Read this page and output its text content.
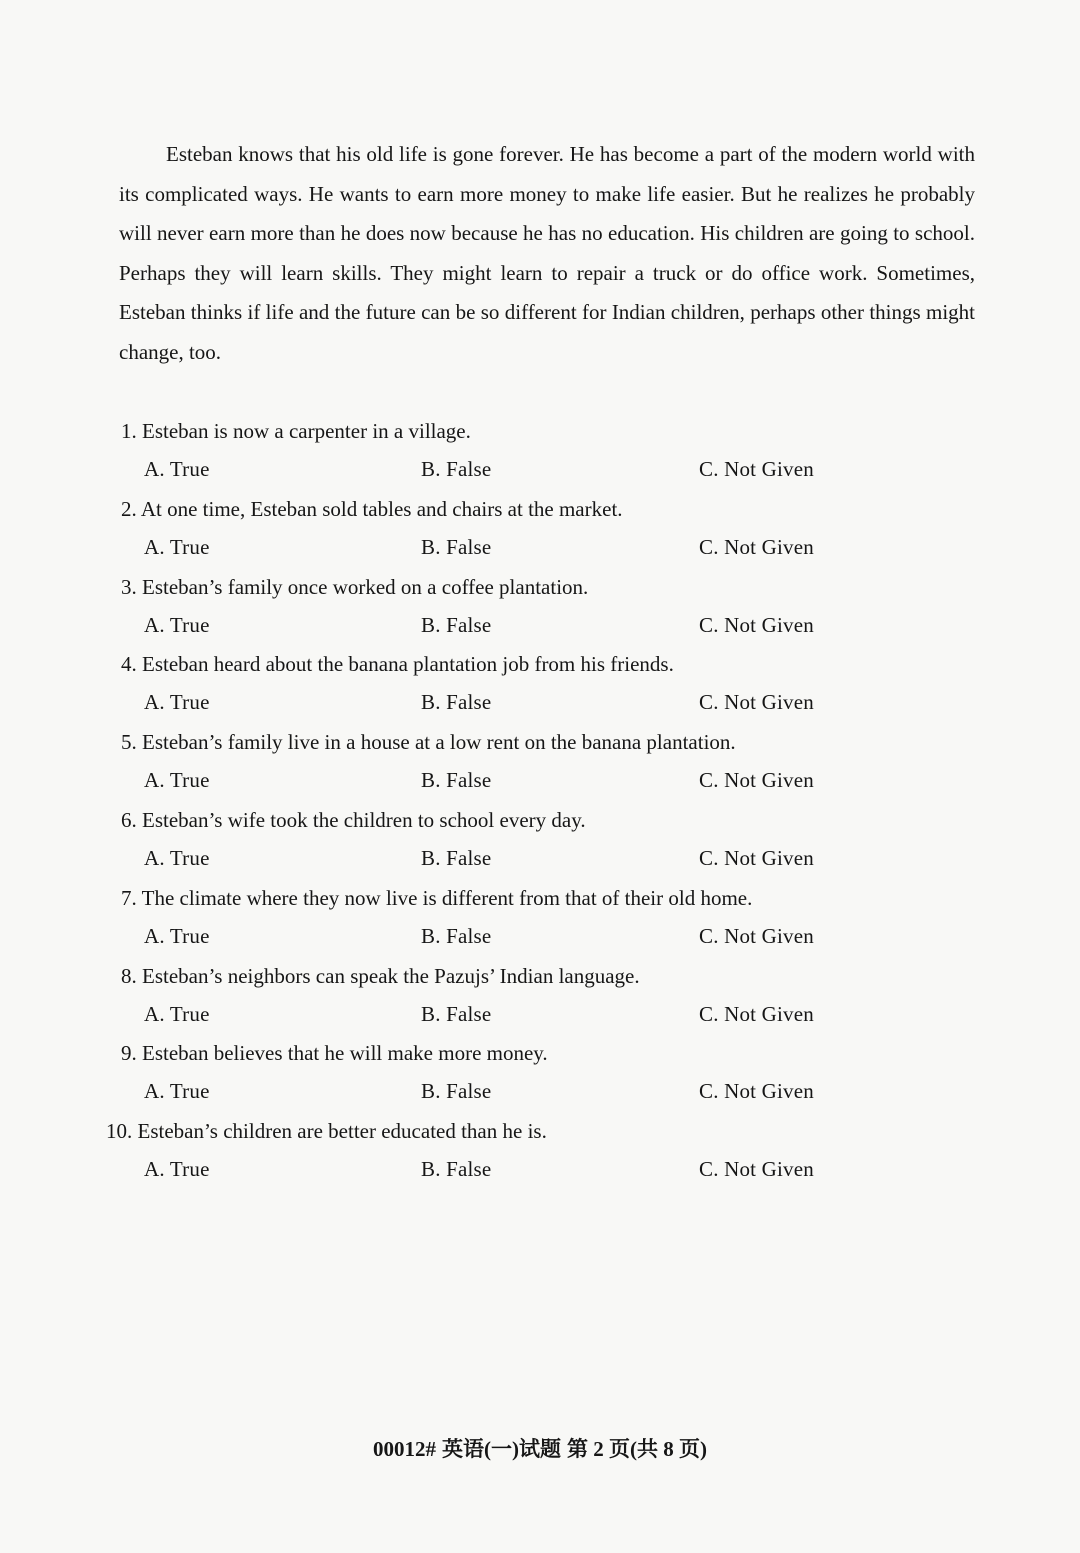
Esteban knows that his old life is gone forever. He has become a part of the modern world with its complicated ways. He wants to earn more money to make life easier. But he realizes he probably will never earn more than he does now because he has no education. His children are going to school. Perhaps they will learn skills. They might learn to repair a truck or do office work. Sometimes, Esteban thinks if life and the future can be so different for Indian children, perhaps other things might change, too.

1. Esteban is now a carpenter in a village.
A. True	B. False	C. Not Given
2. At one time, Esteban sold tables and chairs at the market.
A. True	B. False	C. Not Given
3. Esteban’s family once worked on a coffee plantation.
A. True	B. False	C. Not Given
4. Esteban heard about the banana plantation job from his friends.
A. True	B. False	C. Not Given
5. Esteban’s family live in a house at a low rent on the banana plantation.
A. True	B. False	C. Not Given
6. Esteban’s wife took the children to school every day.
A. True	B. False	C. Not Given
7. The climate where they now live is different from that of their old home.
A. True	B. False	C. Not Given
8. Esteban’s neighbors can speak the Pazujs’ Indian language.
A. True	B. False	C. Not Given
9. Esteban believes that he will make more money.
A. True	B. False	C. Not Given
10. Esteban’s children are better educated than he is.
A. True	B. False	C. Not Given
00012# 英语(一)试题 第 2 页(共 8 页)
